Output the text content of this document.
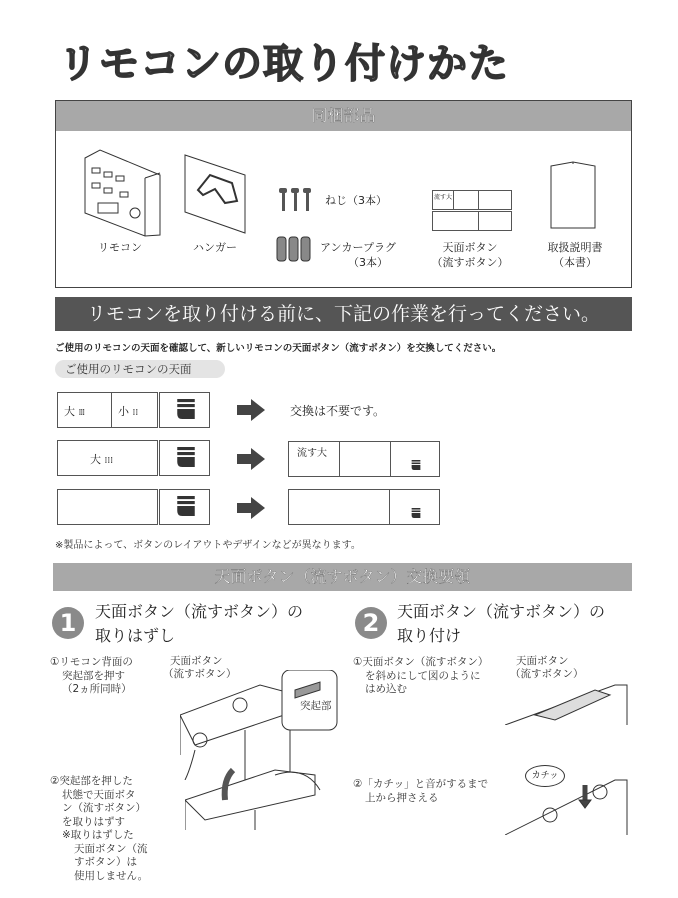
リモコンの取り付けかた
同梱部品
リモコン	ハンガー
ねじ（3本）
アンカープラグ
（3本）
流す大
天面ボタン
（流すボタン）
取扱説明書
（本書）
リモコンを取り付ける前に、下記の作業を行ってください。
ご使用のリモコンの天面を確認して、新しいリモコンの天面ボタン（流すボタン）を交換してください。
ご使用のリモコンの天面
大 ⁞⁞⁞	小 ⁞⁞	交換は不要です。
大 ⁞⁞⁞
流す大
※製品によって、ボタンのレイアウトやデザインなどが異なります。
天面ボタン（流すボタン）交換要領
1	天面ボタン（流すボタン）の
取りはずし
①リモコン背面の
突起部を押す
（2ヵ所同時）
天面ボタン
（流すボタン）
突起部
②突起部を押した
状態で天面ボタ
ン（流すボタン）
を取りはずす
※取りはずした
天面ボタン（流
すボタン）は
使用しません。
2	天面ボタン（流すボタン）の
取り付け
①天面ボタン（流すボタン）
を斜めにして図のように
はめ込む
天面ボタン
（流すボタン）
②「カチッ」と音がするまで
上から押さえる
カチッ
